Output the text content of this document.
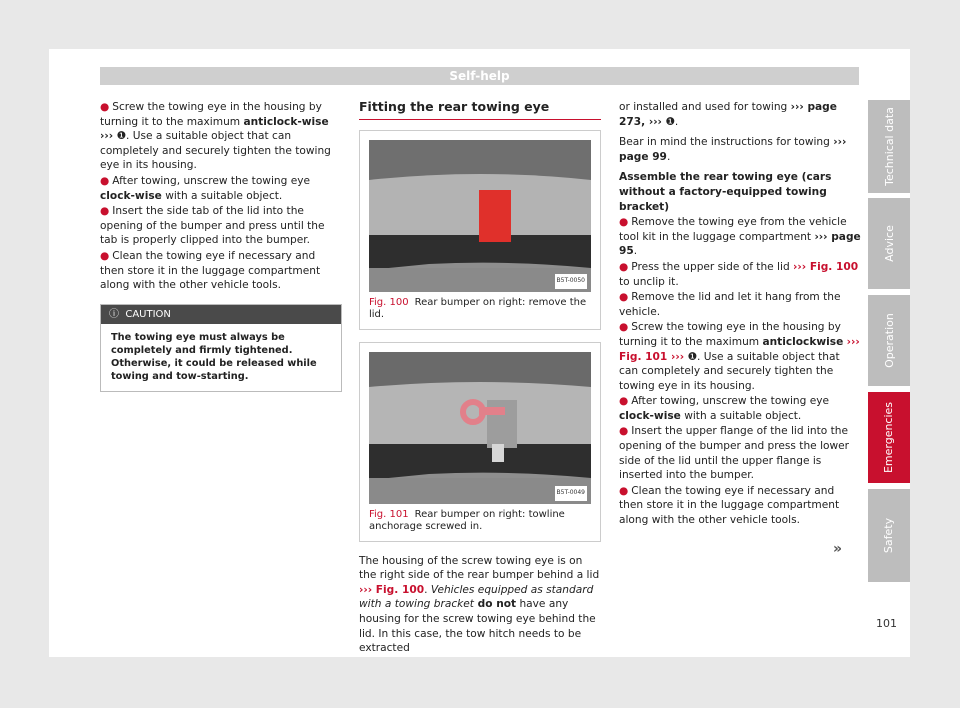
Self-help

● Screw the towing eye in the housing by turning it to the maximum anticlock-wise ››› ❶. Use a suitable object that can completely and securely tighten the towing eye in its housing.

● After towing, unscrew the towing eye clock-wise with a suitable object.

● Insert the side tab of the lid into the opening of the bumper and press until the tab is properly clipped into the bumper.

● Clean the towing eye if necessary and then store it in the luggage compartment along with the other vehicle tools.

ⓘ CAUTION
The towing eye must always be completely and firmly tightened. Otherwise, it could be released while towing and tow-starting.
Fitting the rear towing eye
B5T-0050
Fig. 100 Rear bumper on right: remove the lid.
B5T-0049
Fig. 101 Rear bumper on right: towline anchorage screwed in.

The housing of the screw towing eye is on the right side of the rear bumper behind a lid ››› Fig. 100. Vehicles equipped as standard with a towing bracket do not have any housing for the screw towing eye behind the lid. In this case, the tow hitch needs to be extracted

or installed and used for towing ››› page 273, ››› ❶.

Bear in mind the instructions for towing ››› page 99.

Assemble the rear towing eye (cars without a factory-equipped towing bracket)

● Remove the towing eye from the vehicle tool kit in the luggage compartment ››› page 95.

● Press the upper side of the lid ››› Fig. 100 to unclip it.

● Remove the lid and let it hang from the vehicle.

● Screw the towing eye in the housing by turning it to the maximum anticlockwise ››› Fig. 101 ››› ❶. Use a suitable object that can completely and securely tighten the towing eye in its housing.

● After towing, unscrew the towing eye clock-wise with a suitable object.

● Insert the upper flange of the lid into the opening of the bumper and press the lower side of the lid until the upper flange is inserted into the bumper.

● Clean the towing eye if necessary and then store it in the luggage compartment along with the other vehicle tools.

»
Technical data
Advice
Operation
Emergencies
Safety
101
